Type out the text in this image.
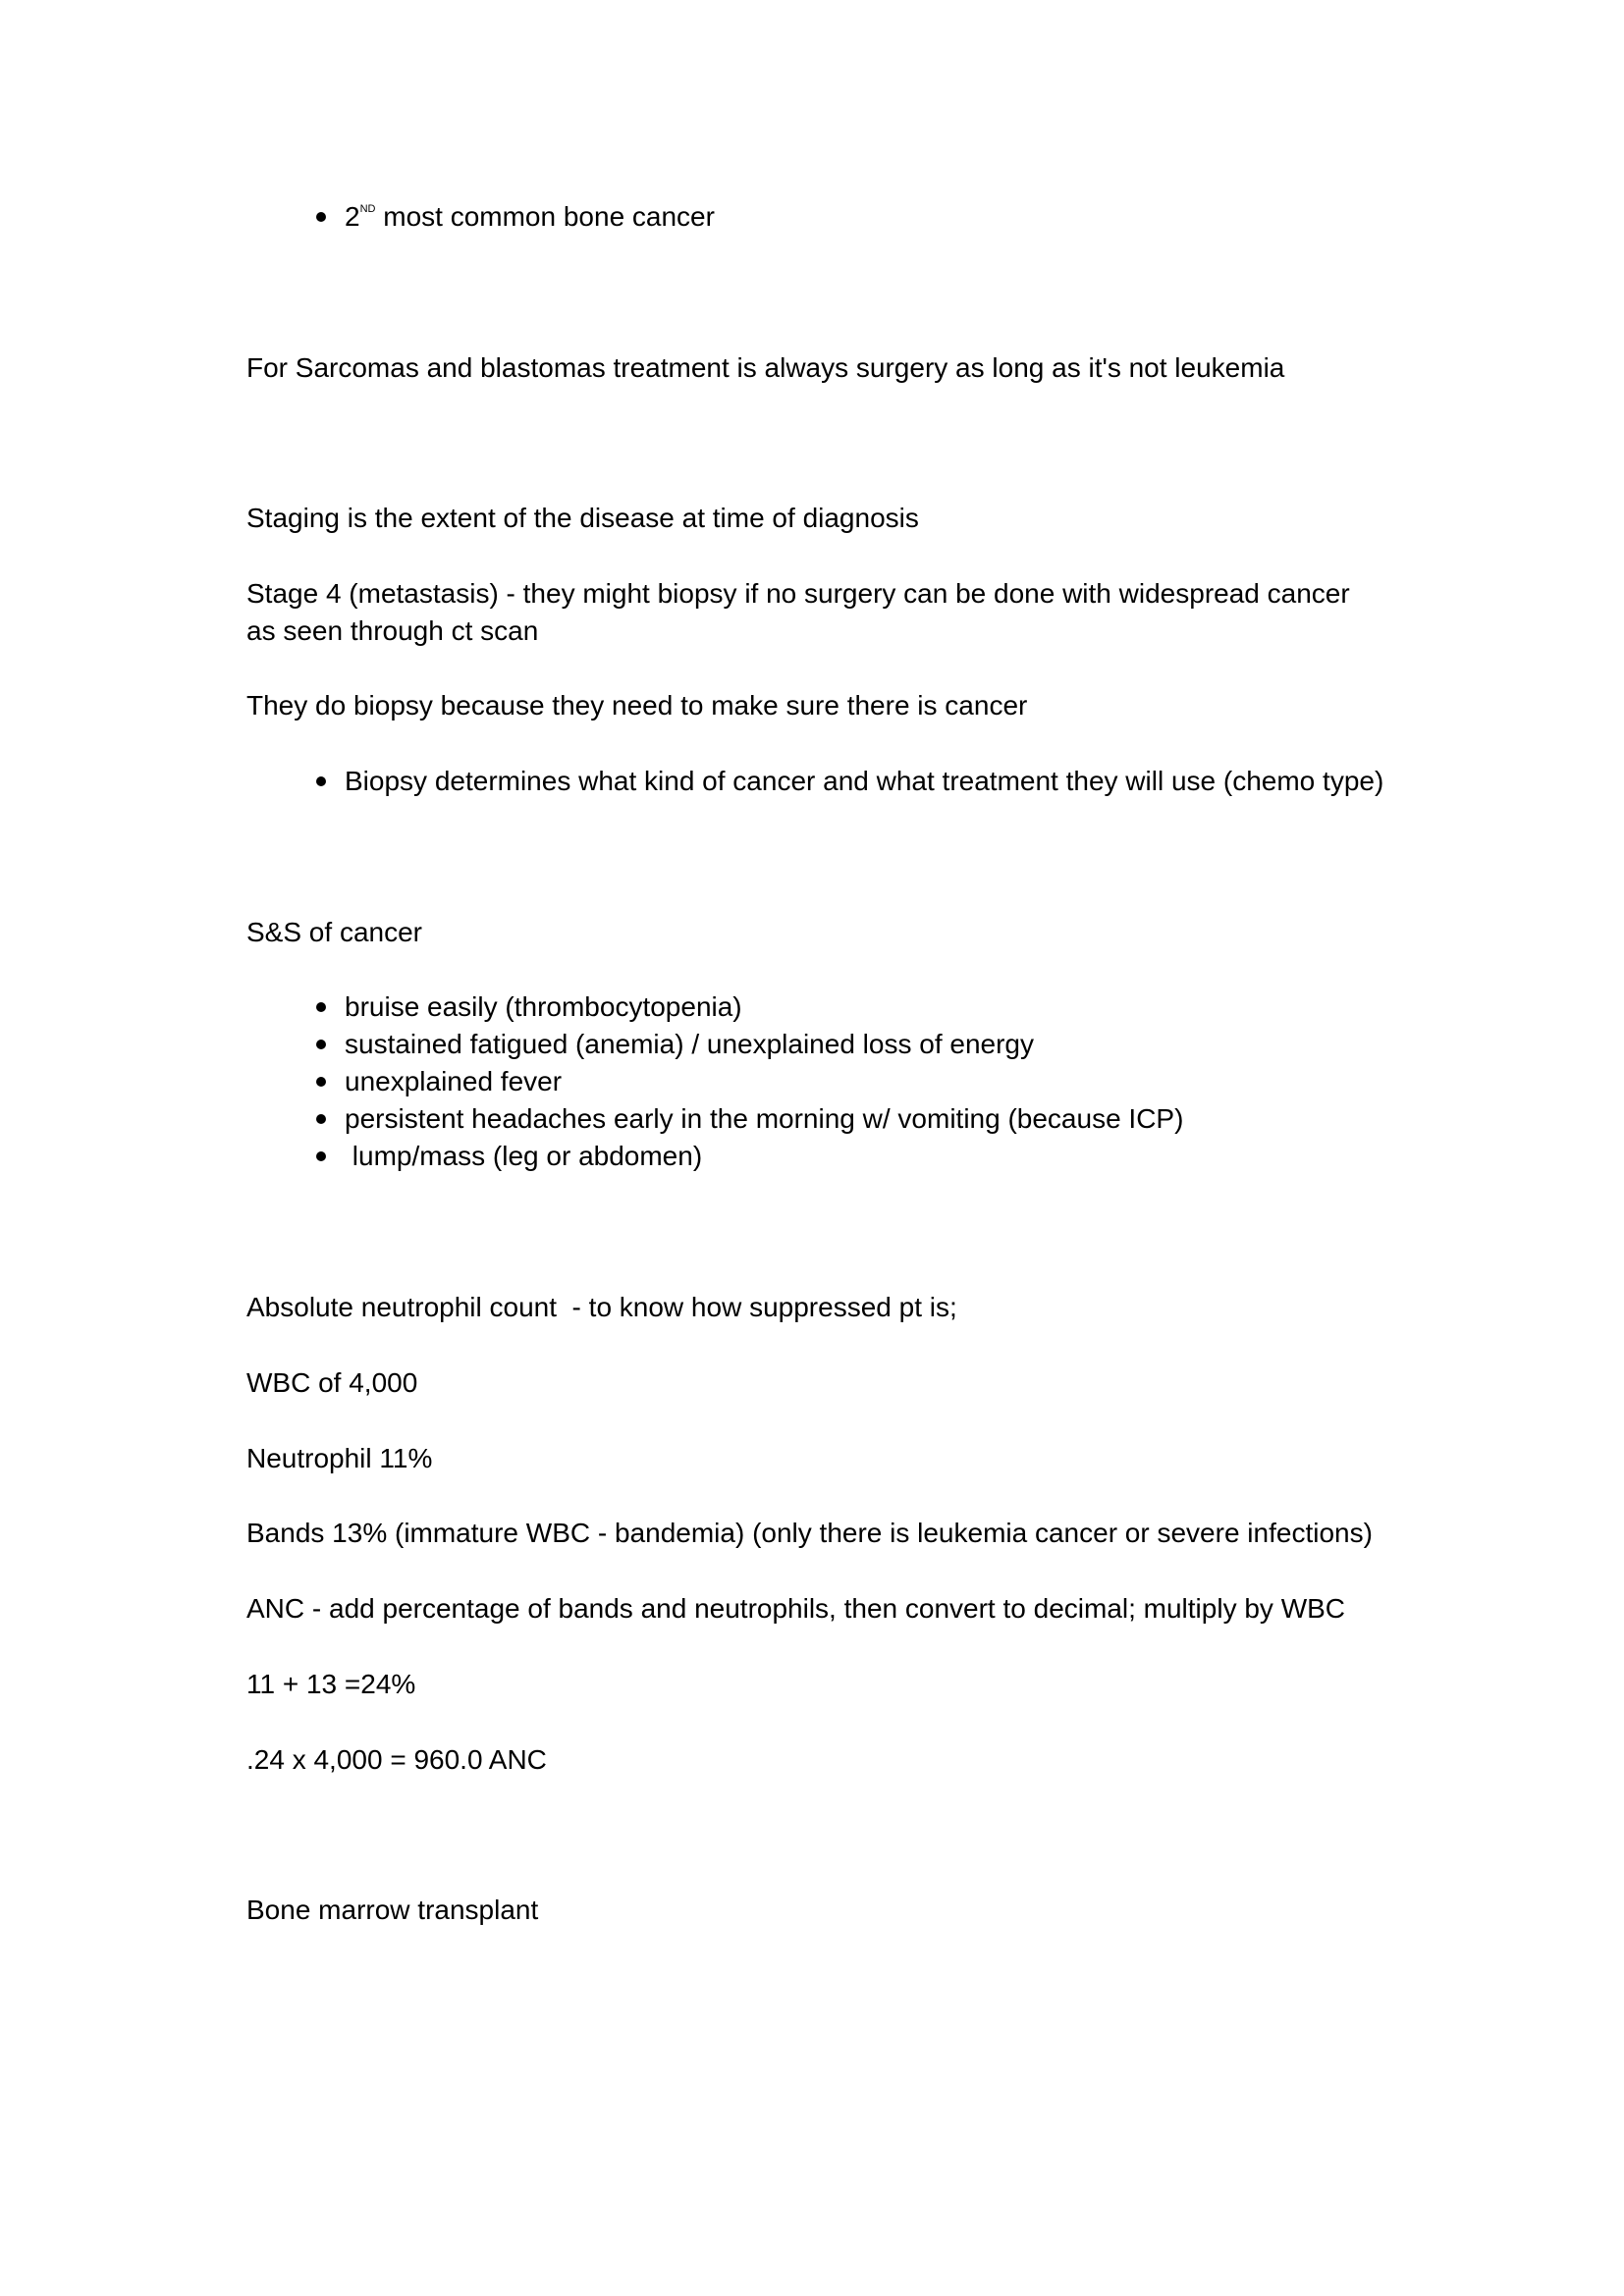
2ND most common bone cancer
For Sarcomas and blastomas treatment is always surgery as long as it's not leukemia
Staging is the extent of the disease at time of diagnosis
Stage 4 (metastasis) - they might biopsy if no surgery can be done with widespread cancer as seen through ct scan
They do biopsy because they need to make sure there is cancer
Biopsy determines what kind of cancer and what treatment they will use (chemo type)
S&S of cancer
bruise easily (thrombocytopenia)
sustained fatigued (anemia) / unexplained loss of energy
unexplained fever
persistent headaches early in the morning w/ vomiting (because ICP)
lump/mass (leg or abdomen)
Absolute neutrophil count  - to know how suppressed pt is;
WBC of 4,000
Neutrophil 11%
Bands 13% (immature WBC - bandemia) (only there is leukemia cancer or severe infections)
ANC - add percentage of bands and neutrophils, then convert to decimal; multiply by WBC
11 + 13 =24%
.24 x 4,000 = 960.0 ANC
Bone marrow transplant
